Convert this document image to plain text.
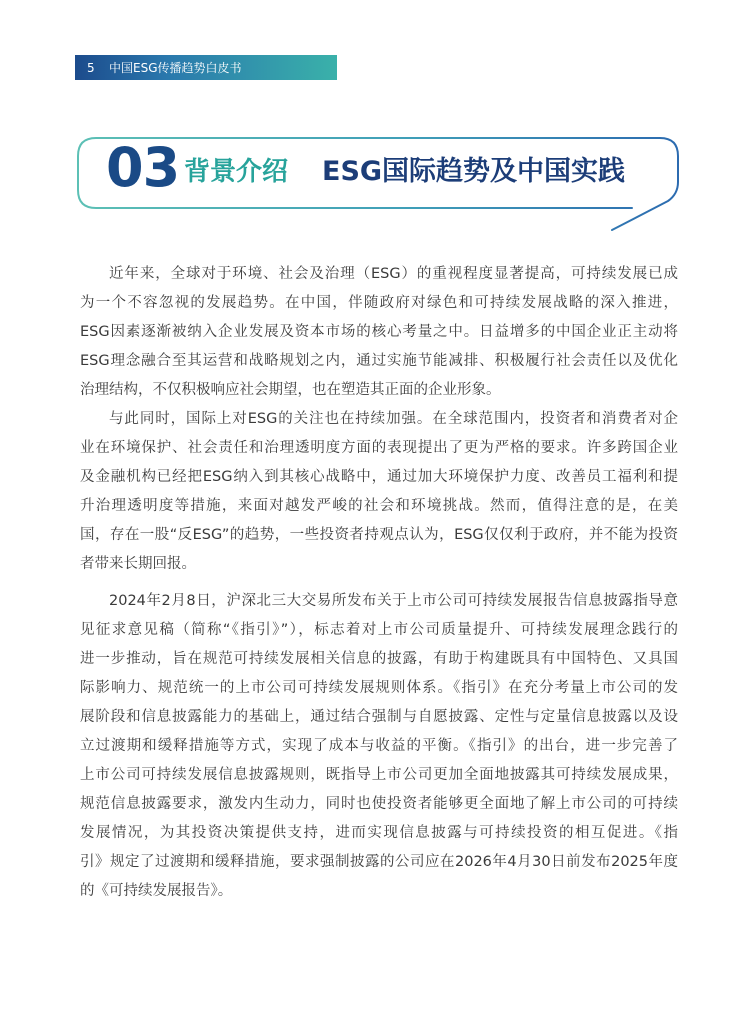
5	中国ESG传播趋势白皮书
03 背景介绍 ESG国际趋势及中国实践
近年来，全球对于环境、社会及治理（ESG）的重视程度显著提高，可持续发展已成
为一个不容忽视的发展趋势。在中国，伴随政府对绿色和可持续发展战略的深入推进，
ESG因素逐渐被纳入企业发展及资本市场的核心考量之中。日益增多的中国企业正主动将
ESG理念融合至其运营和战略规划之内，通过实施节能减排、积极履行社会责任以及优化
治理结构，不仅积极响应社会期望，也在塑造其正面的企业形象。
与此同时，国际上对ESG的关注也在持续加强。在全球范围内，投资者和消费者对企
业在环境保护、社会责任和治理透明度方面的表现提出了更为严格的要求。许多跨国企业
及金融机构已经把ESG纳入到其核心战略中，通过加大环境保护力度、改善员工福利和提
升治理透明度等措施，来面对越发严峻的社会和环境挑战。然而，值得注意的是，在美
国，存在一股“反ESG”的趋势，一些投资者持观点认为，ESG仅仅利于政府，并不能为投资
者带来长期回报。
2024年2月8日，沪深北三大交易所发布关于上市公司可持续发展报告信息披露指导意
见征求意见稿（简称“《指引》”），标志着对上市公司质量提升、可持续发展理念践行的
进一步推动，旨在规范可持续发展相关信息的披露，有助于构建既具有中国特色、又具国
际影响力、规范统一的上市公司可持续发展规则体系。《指引》在充分考量上市公司的发
展阶段和信息披露能力的基础上，通过结合强制与自愿披露、定性与定量信息披露以及设
立过渡期和缓释措施等方式，实现了成本与收益的平衡。《指引》的出台，进一步完善了
上市公司可持续发展信息披露规则，既指导上市公司更加全面地披露其可持续发展成果，
规范信息披露要求，激发内生动力，同时也使投资者能够更全面地了解上市公司的可持续
发展情况，为其投资决策提供支持，进而实现信息披露与可持续投资的相互促进。《指
引》规定了过渡期和缓释措施，要求强制披露的公司应在2026年4月30日前发布2025年度
的《可持续发展报告》。
